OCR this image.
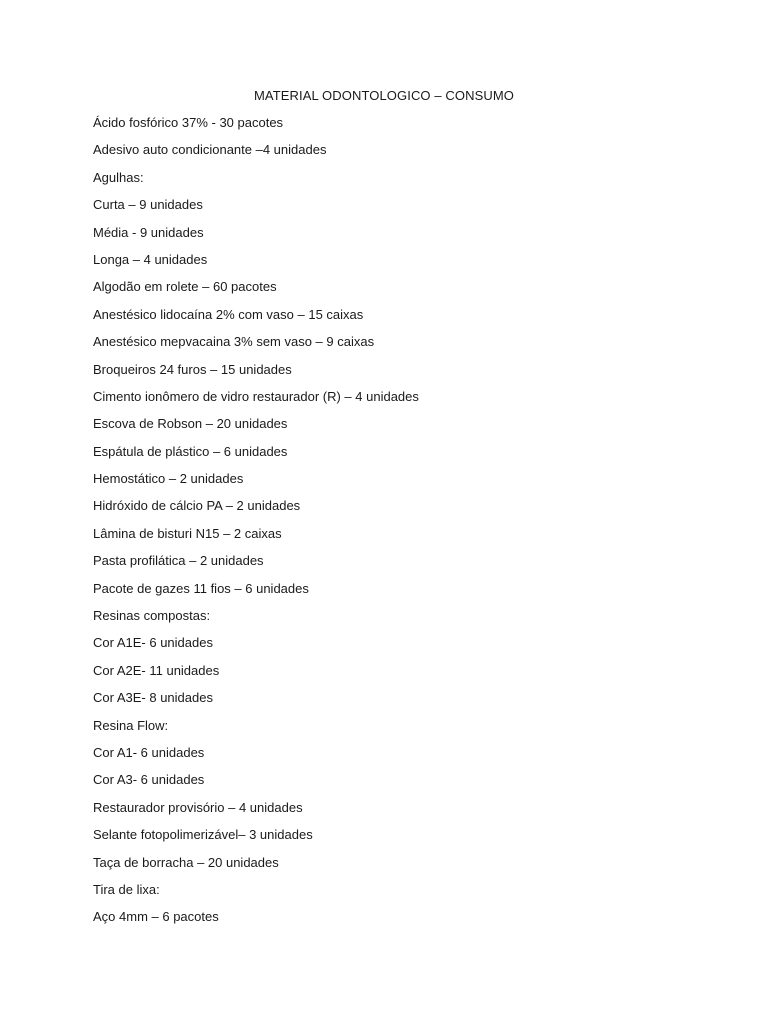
MATERIAL ODONTOLOGICO – CONSUMO
Ácido fosfórico 37% - 30 pacotes
Adesivo auto condicionante –4 unidades
Agulhas:
Curta – 9 unidades
Média - 9 unidades
Longa – 4 unidades
Algodão em rolete – 60 pacotes
Anestésico lidocaína 2% com vaso – 15 caixas
Anestésico mepvacaina 3% sem vaso – 9 caixas
Broqueiros 24 furos – 15 unidades
Cimento ionômero de vidro restaurador (R) – 4 unidades
Escova de Robson – 20 unidades
Espátula de plástico – 6 unidades
Hemostático – 2 unidades
Hidróxido de cálcio PA – 2 unidades
Lâmina de bisturi N15 – 2 caixas
Pasta profilática – 2 unidades
Pacote de gazes 11 fios – 6 unidades
Resinas compostas:
Cor A1E- 6 unidades
Cor A2E- 11 unidades
Cor A3E- 8 unidades
Resina Flow:
Cor A1- 6 unidades
Cor A3- 6 unidades
Restaurador provisório – 4 unidades
Selante fotopolimerizável– 3 unidades
Taça de borracha – 20 unidades
Tira de lixa:
Aço 4mm – 6 pacotes
